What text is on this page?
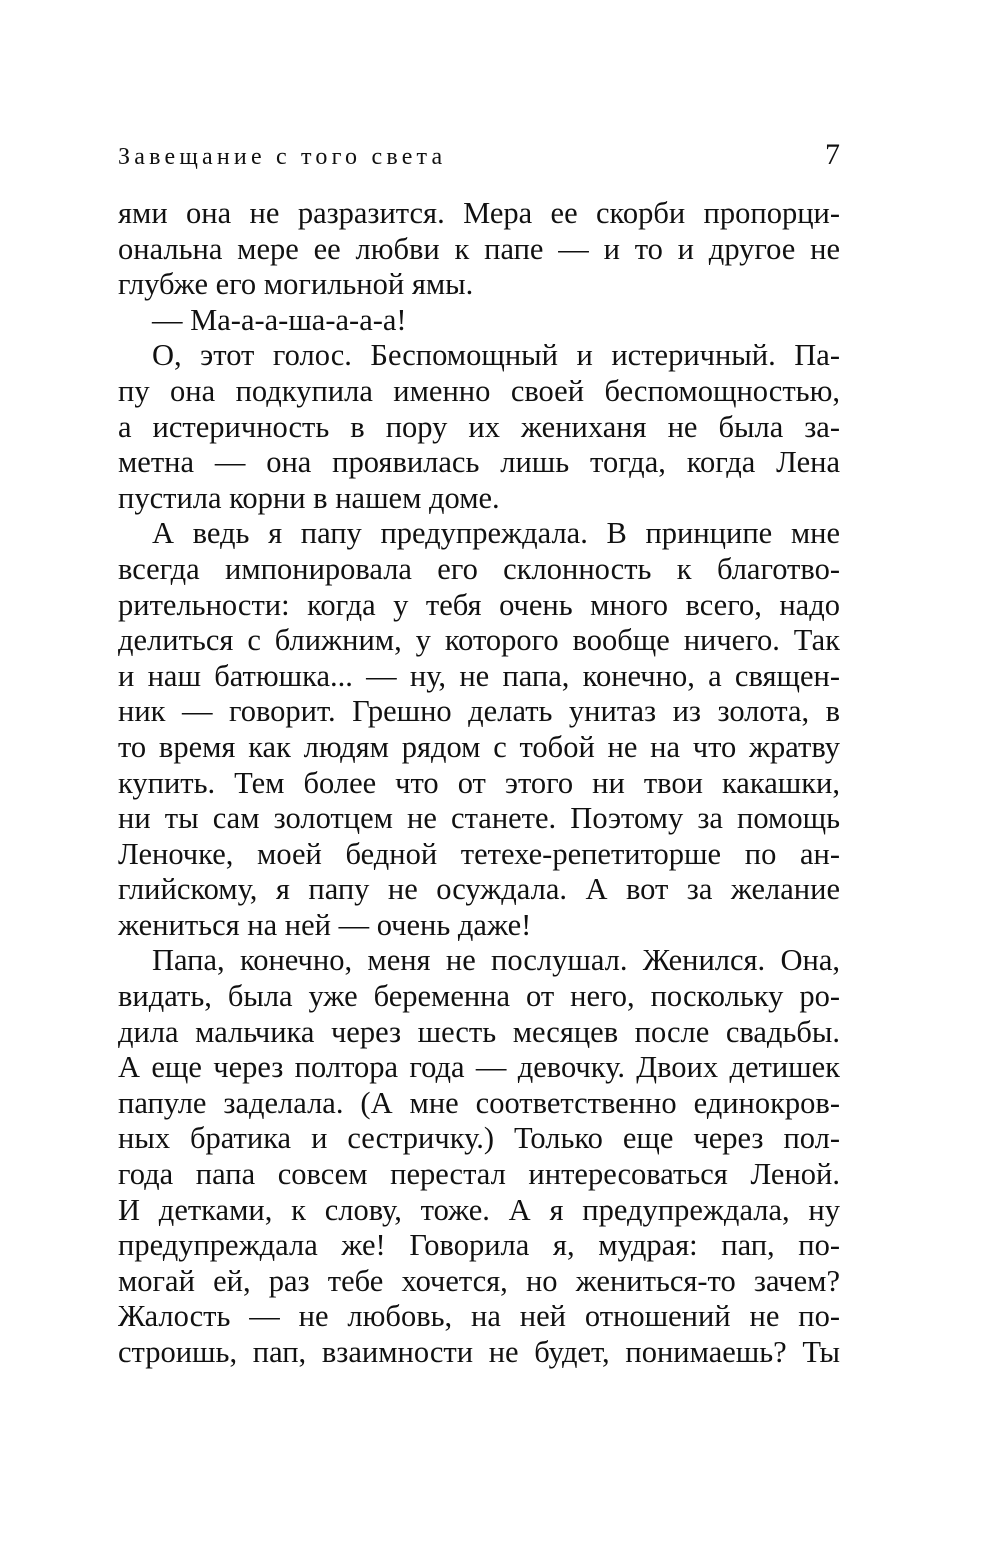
Завещание с того света	7
ями она не разразится. Мера ее скорби пропорци-
ональна мере ее любви к папе — и то и другое не
глубже его могильной ямы.
— Ма-а-а-ша-а-а-а!
О, этот голос. Беспомощный и истеричный. Па-
пу она подкупила именно своей беспомощностью,
а истеричность в пору их жениханя не была за-
метна — она проявилась лишь тогда, когда Лена
пустила корни в нашем доме.
А ведь я папу предупреждала. В принципе мне
всегда импонировала его склонность к благотво-
рительности: когда у тебя очень много всего, надо
делиться с ближним, у которого вообще ничего. Так
и наш батюшка... — ну, не папа, конечно, а священ-
ник — говорит. Грешно делать унитаз из золота, в
то время как людям рядом с тобой не на что жратву
купить. Тем более что от этого ни твои какашки,
ни ты сам золотцем не станете. Поэтому за помощь
Леночке, моей бедной тетехе-репетиторше по ан-
глийскому, я папу не осуждала. А вот за желание
жениться на ней — очень даже!
Папа, конечно, меня не послушал. Женился. Она,
видать, была уже беременна от него, поскольку ро-
дила мальчика через шесть месяцев после свадьбы.
А еще через полтора года — девочку. Двоих детишек
папуле заделала. (А мне соответственно единокров-
ных братика и сестричку.) Только еще через пол-
года папа совсем перестал интересоваться Леной.
И детками, к слову, тоже. А я предупреждала, ну
предупреждала же! Говорила я, мудрая: пап, по-
могай ей, раз тебе хочется, но жениться-то зачем?
Жалость — не любовь, на ней отношений не по-
строишь, пап, взаимности не будет, понимаешь? Ты
